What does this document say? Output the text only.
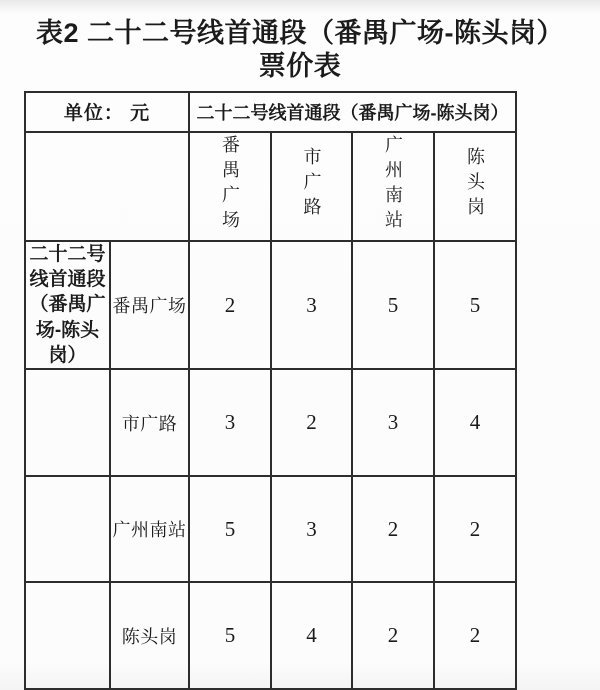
表2 二十二号线首通段（番禺广场-陈头岗）
票价表
单位： 元		二十二号线首通段（番禺广场-陈头岗）			
		番禺广场	市广路	广州南站	陈头岗
二十二号线首通段（番禺广场-陈头岗）	番禺广场	2	3	5	5
	市广路	3	2	3	4
	广州南站	5	3	2	2
	陈头岗	5	4	2	2
